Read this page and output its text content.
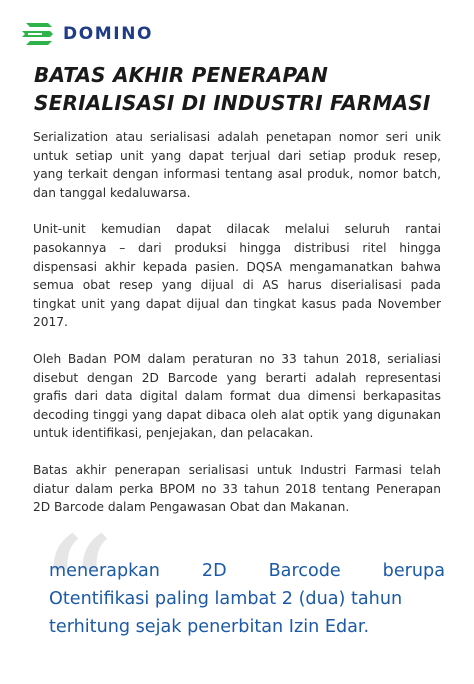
DOMINO
BATAS AKHIR PENERAPAN
SERIALISASI DI INDUSTRI FARMASI

Serialization atau serialisasi adalah penetapan nomor seri unik untuk setiap unit yang dapat terjual dari setiap produk resep, yang terkait dengan informasi tentang asal produk, nomor batch, dan tanggal kedaluwarsa.

Unit-unit kemudian dapat dilacak melalui seluruh rantai pasokannya – dari produksi hingga distribusi ritel hingga dispensasi akhir kepada pasien. DQSA mengamanatkan bahwa semua obat resep yang dijual di AS harus diserialisasi pada tingkat unit yang dapat dijual dan tingkat kasus pada November 2017.

Oleh Badan POM dalam peraturan no 33 tahun 2018, serialiasi disebut dengan 2D Barcode yang berarti adalah representasi grafis dari data digital dalam format dua dimensi berkapasitas decoding tinggi yang dapat dibaca oleh alat optik yang digunakan untuk identifikasi, penjejakan, dan pelacakan.

Batas akhir penerapan serialisasi untuk Industri Farmasi telah diatur dalam perka BPOM no 33 tahun 2018 tentang Penerapan 2D Barcode dalam Pengawasan Obat dan Makanan.

“
menerapkan 2D Barcode berupa
Otentifikasi paling lambat 2 (dua) tahun
terhitung sejak penerbitan Izin Edar.
